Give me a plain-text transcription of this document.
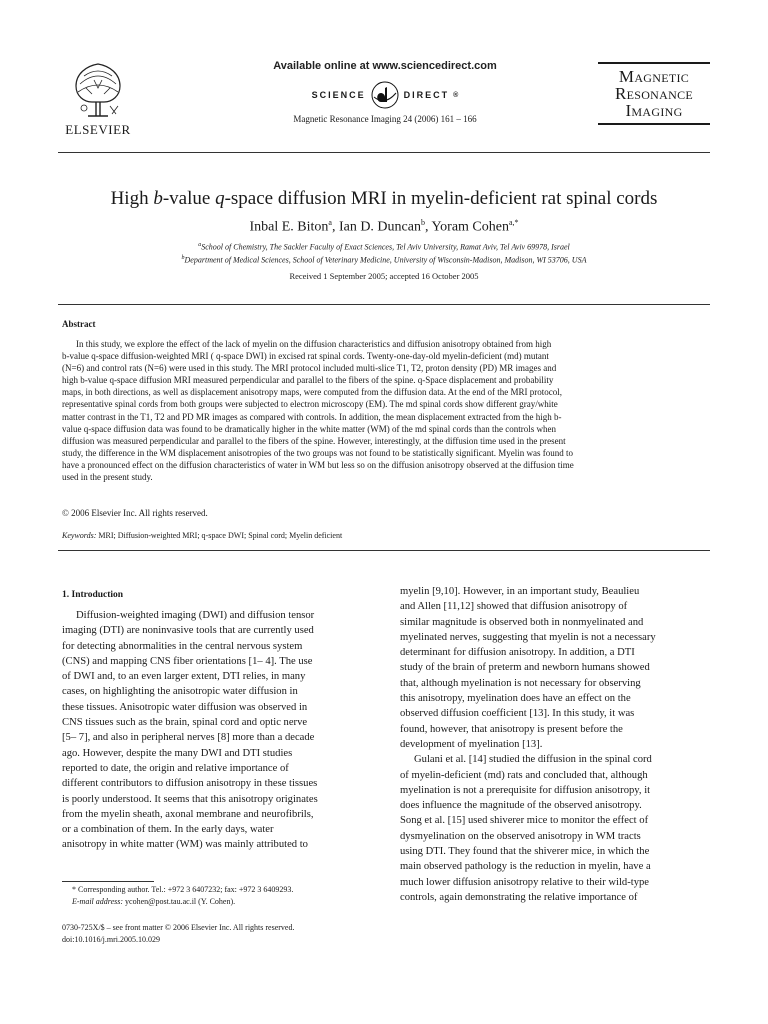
ELSEVIER
Available online at www.sciencedirect.com
SCIENCE	DIRECT ®
Magnetic Resonance Imaging 24 (2006) 161 – 166
Magnetic
Resonance
Imaging
High b-value q-space diffusion MRI in myelin-deficient rat spinal cords
Inbal E. Biton$^a$, Ian D. Duncan$^b$, Yoram Cohen$^{a,*}$
$^a$School of Chemistry, The Sackler Faculty of Exact Sciences, Tel Aviv University, Ramat Aviv, Tel Aviv 69978, Israel
$^b$Department of Medical Sciences, School of Veterinary Medicine, University of Wisconsin-Madison, Madison, WI 53706, USA
Received 1 September 2005; accepted 16 October 2005
Abstract
In this study, we explore the effect of the lack of myelin on the diffusion characteristics and diffusion anisotropy obtained from high
b-value q-space diffusion-weighted MRI ( q-space DWI) in excised rat spinal cords. Twenty-one-day-old myelin-deficient (md) mutant
(N=6) and control rats (N=6) were used in this study. The MRI protocol included multi-slice T1, T2, proton density (PD) MR images and
high b-value q-space diffusion MRI measured perpendicular and parallel to the fibers of the spine. q-Space displacement and probability
maps, in both directions, as well as displacement anisotropy maps, were computed from the diffusion data. At the end of the MRI protocol,
representative spinal cords from both groups were subjected to electron microscopy (EM). The md spinal cords show different gray/white
matter contrast in the T1, T2 and PD MR images as compared with controls. In addition, the mean displacement extracted from the high b-
value q-space diffusion data was found to be dramatically higher in the white matter (WM) of the md spinal cords than the controls when
diffusion was measured perpendicular and parallel to the fibers of the spine. However, interestingly, at the diffusion time used in the present
study, the difference in the WM displacement anisotropies of the two groups was not found to be statistically significant. Myelin was found to
have a pronounced effect on the diffusion characteristics of water in WM but less so on the diffusion anisotropy observed at the diffusion time
used in the present study.
© 2006 Elsevier Inc. All rights reserved.
Keywords: MRI; Diffusion-weighted MRI; q-space DWI; Spinal cord; Myelin deficient
1. Introduction
Diffusion-weighted imaging (DWI) and diffusion tensor
imaging (DTI) are noninvasive tools that are currently used
for detecting abnormalities in the central nervous system
(CNS) and mapping CNS fiber orientations [1– 4]. The use
of DWI and, to an even larger extent, DTI relies, in many
cases, on highlighting the anisotropic water diffusion in
these tissues. Anisotropic water diffusion was observed in
CNS tissues such as the brain, spinal cord and optic nerve
[5– 7], and also in peripheral nerves [8] more than a decade
ago. However, despite the many DWI and DTI studies
reported to date, the origin and relative importance of
different contributors to diffusion anisotropy in these tissues
is poorly understood. It seems that this anisotropy originates
from the myelin sheath, axonal membrane and neurofibrils,
or a combination of them. In the early days, water
anisotropy in white matter (WM) was mainly attributed to
myelin [9,10]. However, in an important study, Beaulieu
and Allen [11,12] showed that diffusion anisotropy of
similar magnitude is observed both in nonmyelinated and
myelinated nerves, suggesting that myelin is not a necessary
determinant for diffusion anisotropy. In addition, a DTI
study of the brain of preterm and newborn humans showed
that, although myelination is not necessary for observing
this anisotropy, myelination does have an effect on the
observed diffusion coefficient [13]. In this study, it was
found, however, that anisotropy is present before the
development of myelination [13].
Gulani et al. [14] studied the diffusion in the spinal cord
of myelin-deficient (md) rats and concluded that, although
myelination is not a prerequisite for diffusion anisotropy, it
does influence the magnitude of the observed anisotropy.
Song et al. [15] used shiverer mice to monitor the effect of
dysmyelination on the observed anisotropy in WM tracts
using DTI. They found that the shiverer mice, in which the
main observed pathology is the reduction in myelin, have a
much lower diffusion anisotropy relative to their wild-type
controls, again demonstrating the relative importance of
* Corresponding author. Tel.: +972 3 6407232; fax: +972 3 6409293.
E-mail address: ycohen@post.tau.ac.il (Y. Cohen).
0730-725X/$ – see front matter © 2006 Elsevier Inc. All rights reserved.
doi:10.1016/j.mri.2005.10.029
